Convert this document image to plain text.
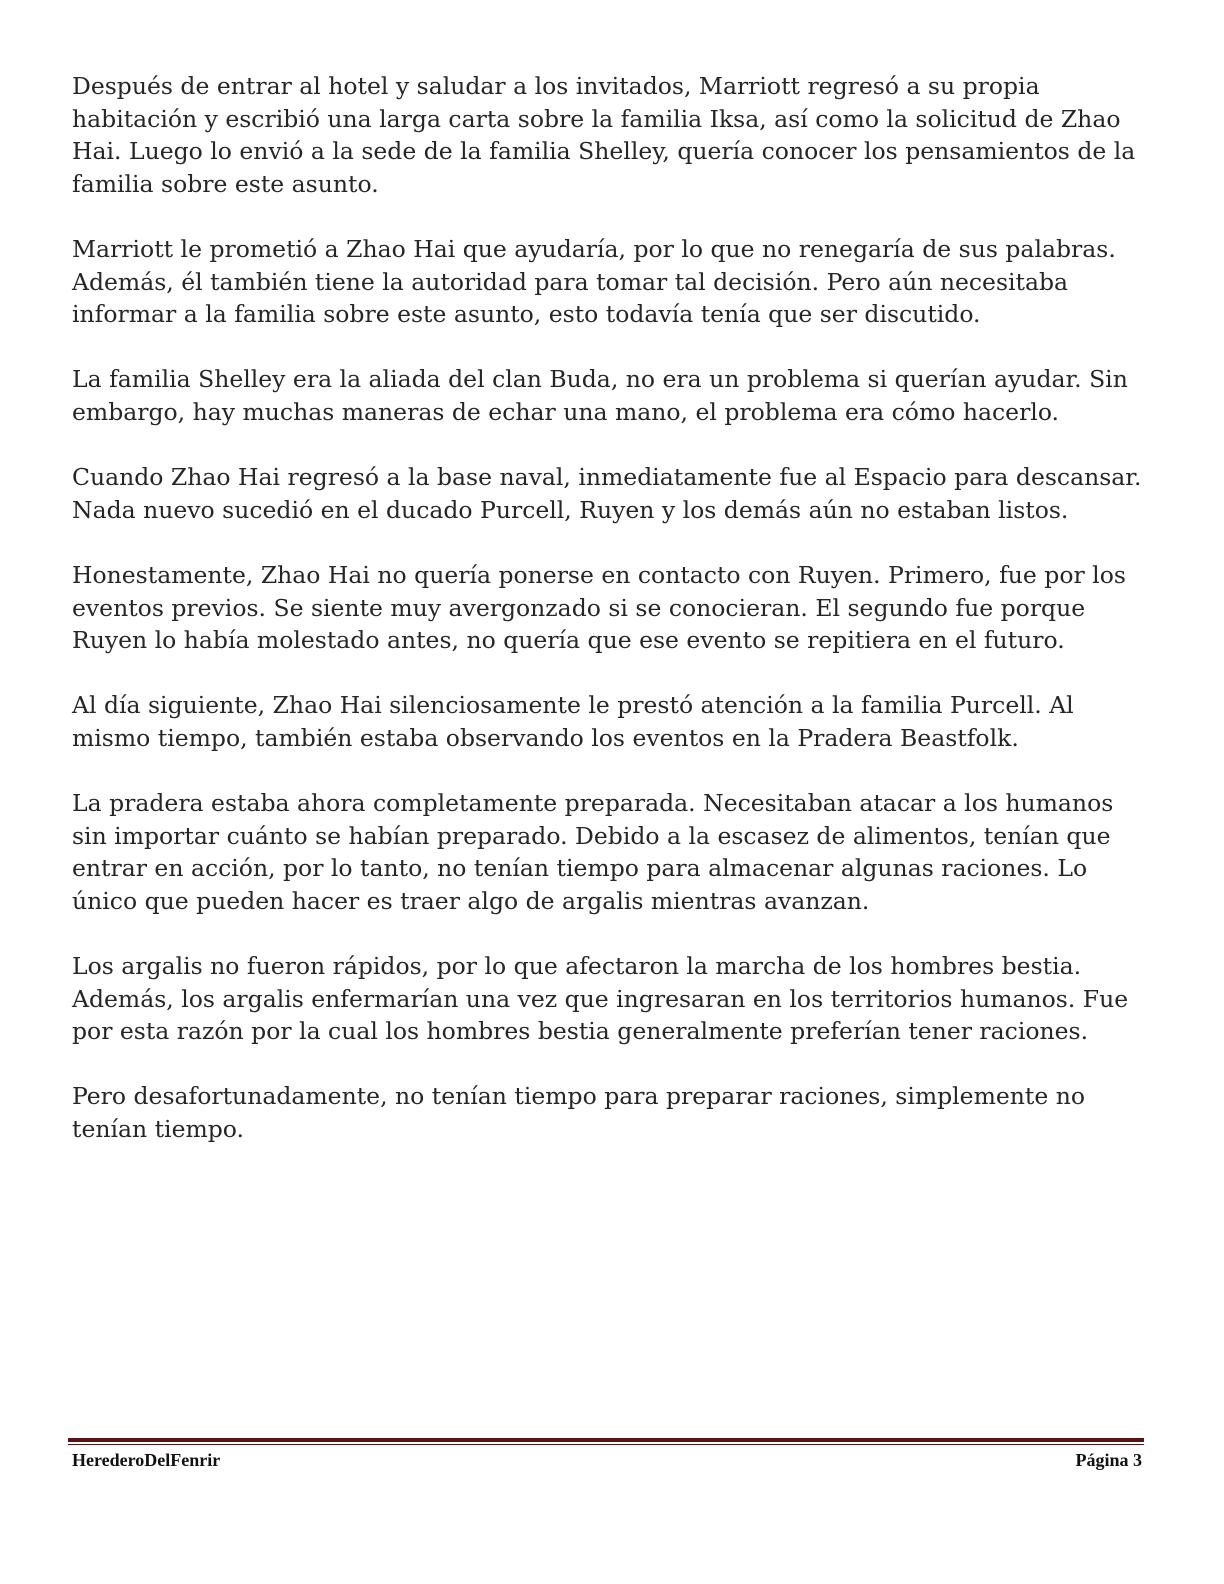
Después de entrar al hotel y saludar a los invitados, Marriott regresó a su propia habitación y escribió una larga carta sobre la familia Iksa, así como la solicitud de Zhao Hai. Luego lo envió a la sede de la familia Shelley, quería conocer los pensamientos de la familia sobre este asunto.

Marriott le prometió a Zhao Hai que ayudaría, por lo que no renegaría de sus palabras. Además, él también tiene la autoridad para tomar tal decisión. Pero aún necesitaba informar a la familia sobre este asunto, esto todavía tenía que ser discutido.

La familia Shelley era la aliada del clan Buda, no era un problema si querían ayudar. Sin embargo, hay muchas maneras de echar una mano, el problema era cómo hacerlo.

Cuando Zhao Hai regresó a la base naval, inmediatamente fue al Espacio para descansar. Nada nuevo sucedió en el ducado Purcell, Ruyen y los demás aún no estaban listos.

Honestamente, Zhao Hai no quería ponerse en contacto con Ruyen. Primero, fue por los eventos previos. Se siente muy avergonzado si se conocieran. El segundo fue porque Ruyen lo había molestado antes, no quería que ese evento se repitiera en el futuro.

Al día siguiente, Zhao Hai silenciosamente le prestó atención a la familia Purcell. Al mismo tiempo, también estaba observando los eventos en la Pradera Beastfolk.

La pradera estaba ahora completamente preparada. Necesitaban atacar a los humanos sin importar cuánto se habían preparado. Debido a la escasez de alimentos, tenían que entrar en acción, por lo tanto, no tenían tiempo para almacenar algunas raciones. Lo único que pueden hacer es traer algo de argalis mientras avanzan.

Los argalis no fueron rápidos, por lo que afectaron la marcha de los hombres bestia. Además, los argalis enfermarían una vez que ingresaran en los territorios humanos. Fue por esta razón por la cual los hombres bestia generalmente preferían tener raciones.

Pero desafortunadamente, no tenían tiempo para preparar raciones, simplemente no tenían tiempo.

HerederoDelFenrir	Página 3
